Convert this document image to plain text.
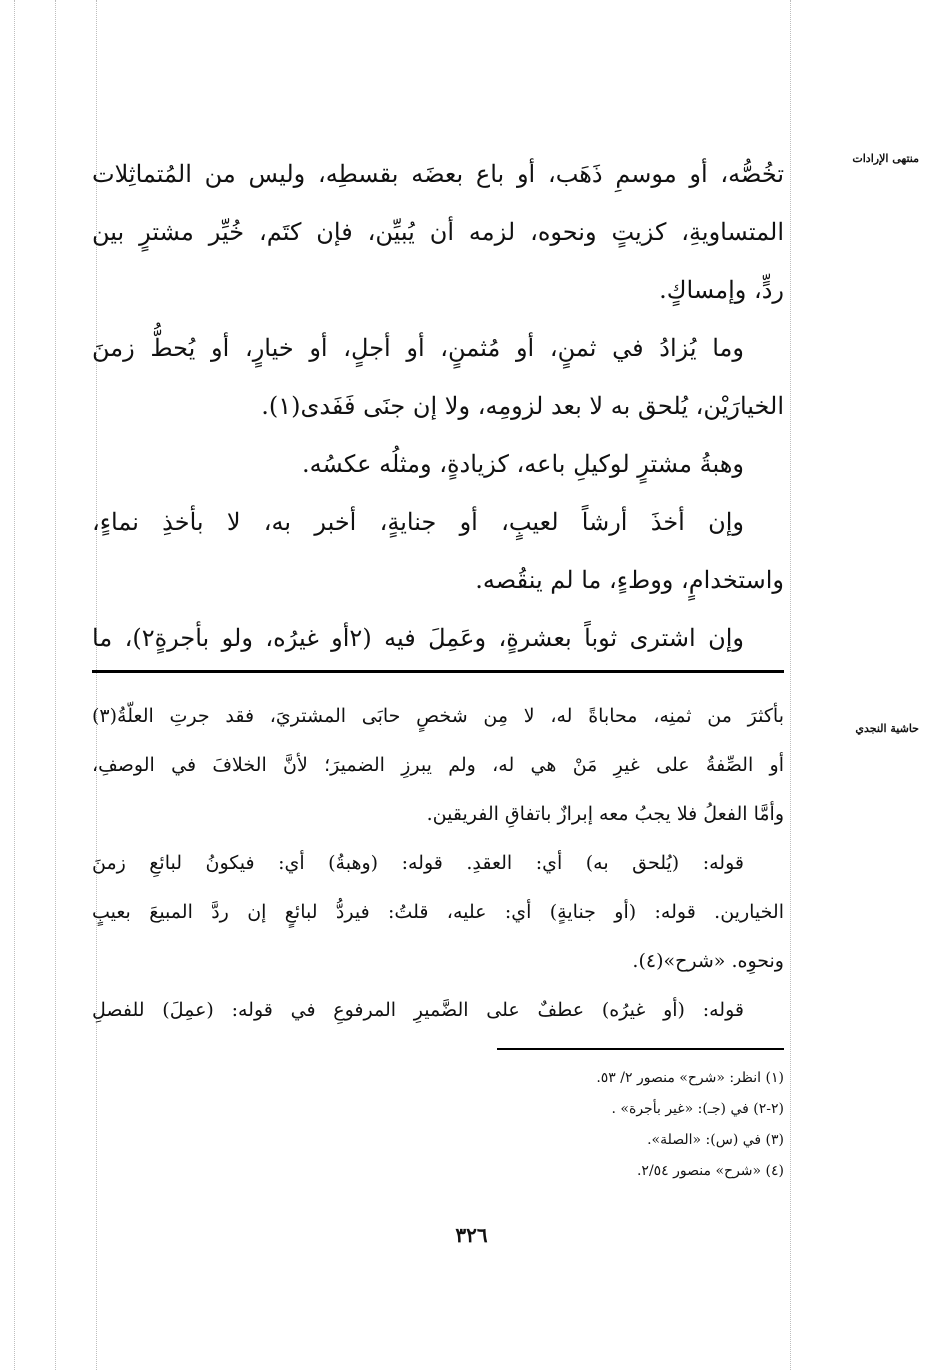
منتهى الإرادات
حاشية النجدي
تخُصُّه، أو موسمِ ذَهَب، أو باع بعضَه بقسطِه، وليس من المُتماثِلات
المتساويةِ، كزيتٍ ونحوه، لزمه أن يُبيِّن، فإن كتَم، خُيِّر مشترٍ بين
ردٍّ، وإمساكٍ.
وما يُزادُ في ثمنٍ، أو مُثمنٍ، أو أجلٍ، أو خيارٍ، أو يُحطُّ زمنَ
الخيارَيْن، يُلحق به لا بعد لزومِه، ولا إن جنَى فَفَدى(١).
وهبةُ مشترٍ لوكيلِ باعه، كزيادةٍ، ومثلُه عكسُه.
وإن أخذَ أرشاً لعيبٍ، أو جنايةٍ، أخبر به، لا بأخذِ نماءٍ،
واستخدامٍ، ووطءٍ، ما لم ينقُصه.
وإن اشترى ثوباً بعشرةٍ، وعَمِلَ فيه (٢أو غيرُه، ولو بأجرةٍ٢)، ما
بأكثرَ من ثمنِه، محاباةً له، لا مِن شخصٍ حابَى المشتريَ، فقد جرتِ العلّةُ(٣)
أو الصِّفةُ على غيرِ مَنْ هي له، ولم يبرزِ الضميرَ؛ لأنَّ الخلافَ في الوصفِ،
وأمَّا الفعلُ فلا يجبُ معه إبرازٌ باتفاقِ الفريقين.
قوله: (يُلحق به) أي: العقدِ. قوله: (وهبةُ) أي: فيكونُ لبائعِ زمنَ
الخيارين. قوله: (أو جنايةٍ) أي: عليه، قلتُ: فيردُّ لبائعٍ إن ردَّ المبيعَ بعيبٍ
ونحوِه. «شرح»(٤).
قوله: (أو غيرُه) عطفٌ على الضَّميرِ المرفوعِ في قوله: (عمِلَ) للفصلِ
(١) انظر: «شرح» منصور ٢/ ٥٣.
(٢-٢) في (جـ): «غير بأجرة» .
(٣) في (س): «الصلة».
(٤) «شرح» منصور ٢/٥٤.
٣٢٦
